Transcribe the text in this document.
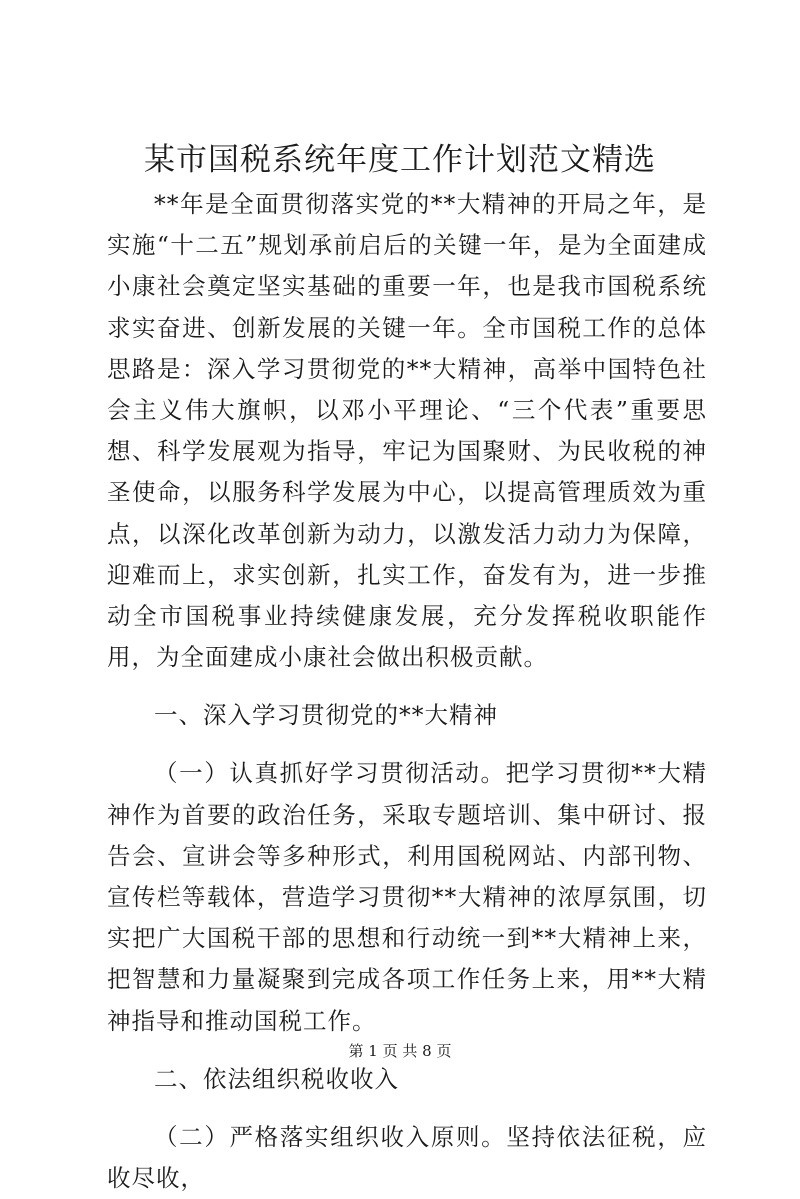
某市国税系统年度工作计划范文精选

**年是全面贯彻落实党的**大精神的开局之年，是实施“十二五”规划承前启后的关键一年，是为全面建成小康社会奠定坚实基础的重要一年，也是我市国税系统求实奋进、创新发展的关键一年。全市国税工作的总体思路是：深入学习贯彻党的**大精神，高举中国特色社会主义伟大旗帜，以邓小平理论、“三个代表”重要思想、科学发展观为指导，牢记为国聚财、为民收税的神圣使命，以服务科学发展为中心，以提高管理质效为重点，以深化改革创新为动力，以激发活力动力为保障，迎难而上，求实创新，扎实工作，奋发有为，进一步推动全市国税事业持续健康发展，充分发挥税收职能作用，为全面建成小康社会做出积极贡献。

一、深入学习贯彻党的**大精神

（一）认真抓好学习贯彻活动。把学习贯彻**大精神作为首要的政治任务，采取专题培训、集中研讨、报告会、宣讲会等多种形式，利用国税网站、内部刊物、宣传栏等载体，营造学习贯彻**大精神的浓厚氛围，切实把广大国税干部的思想和行动统一到**大精神上来，把智慧和力量凝聚到完成各项工作任务上来，用**大精神指导和推动国税工作。

二、依法组织税收收入

（二）严格落实组织收入原则。坚持依法征税，应收尽收，

第 1 页 共 8 页
